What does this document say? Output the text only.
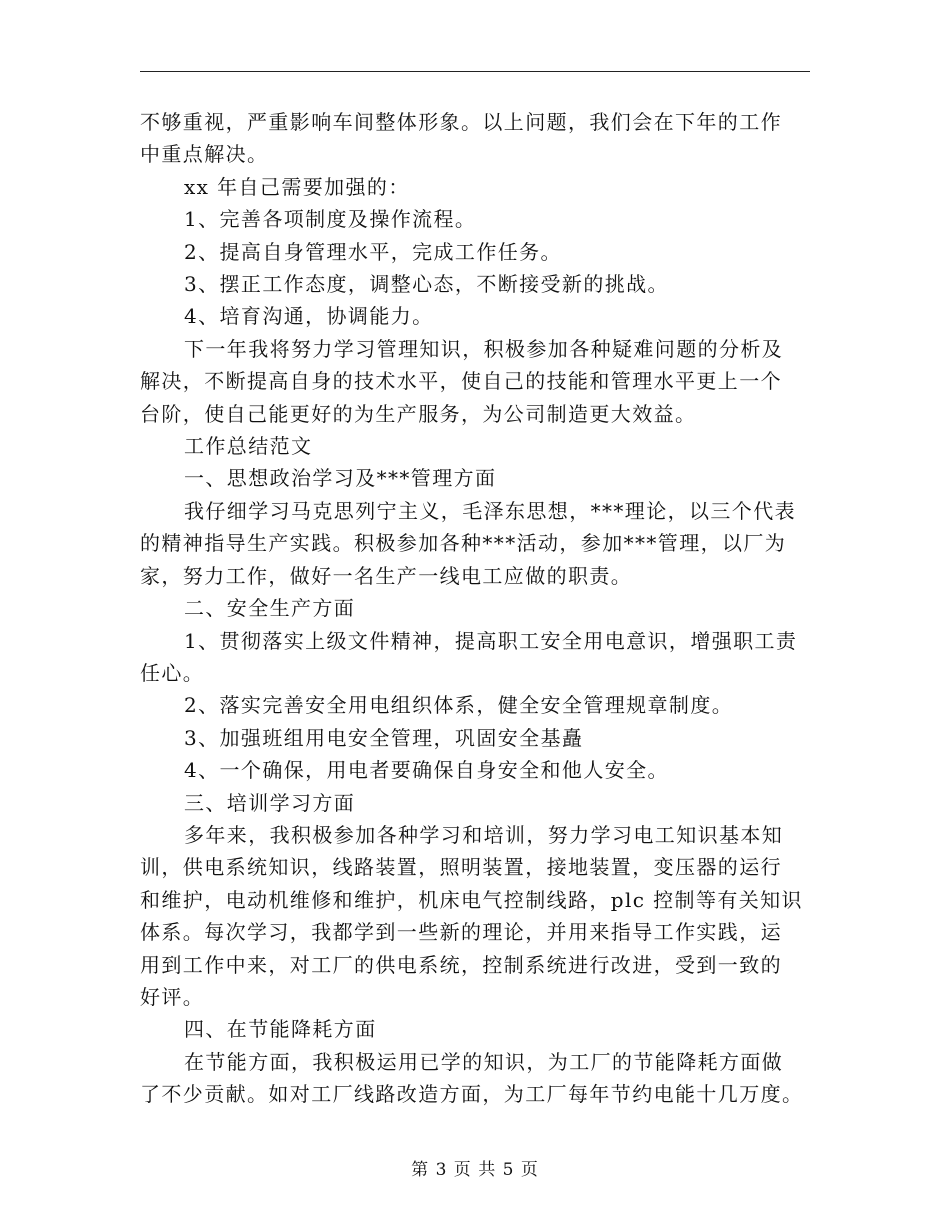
不够重视，严重影响车间整体形象。以上问题，我们会在下年的工作

中重点解决。

xx 年自己需要加强的：

1、完善各项制度及操作流程。

2、提高自身管理水平，完成工作任务。

3、摆正工作态度，调整心态，不断接受新的挑战。

4、培育沟通，协调能力。

下一年我将努力学习管理知识，积极参加各种疑难问题的分析及

解决，不断提高自身的技术水平，使自己的技能和管理水平更上一个

台阶，使自己能更好的为生产服务，为公司制造更大效益。

工作总结范文

一、思想政治学习及***管理方面

我仔细学习马克思列宁主义，毛泽东思想，***理论，以三个代表

的精神指导生产实践。积极参加各种***活动，参加***管理，以厂为

家，努力工作，做好一名生产一线电工应做的职责。

二、安全生产方面

1、贯彻落实上级文件精神，提高职工安全用电意识，增强职工责

任心。

2、落实完善安全用电组织体系，健全安全管理规章制度。

3、加强班组用电安全管理，巩固安全基矗

4、一个确保，用电者要确保自身安全和他人安全。

三、培训学习方面

多年来，我积极参加各种学习和培训，努力学习电工知识基本知

训，供电系统知识，线路装置，照明装置，接地装置，变压器的运行

和维护，电动机维修和维护，机床电气控制线路，plc 控制等有关知识

体系。每次学习，我都学到一些新的理论，并用来指导工作实践，运

用到工作中来，对工厂的供电系统，控制系统进行改进，受到一致的

好评。

四、在节能降耗方面

在节能方面，我积极运用已学的知识，为工厂的节能降耗方面做

了不少贡献。如对工厂线路改造方面，为工厂每年节约电能十几万度。

第 3 页 共 5 页
